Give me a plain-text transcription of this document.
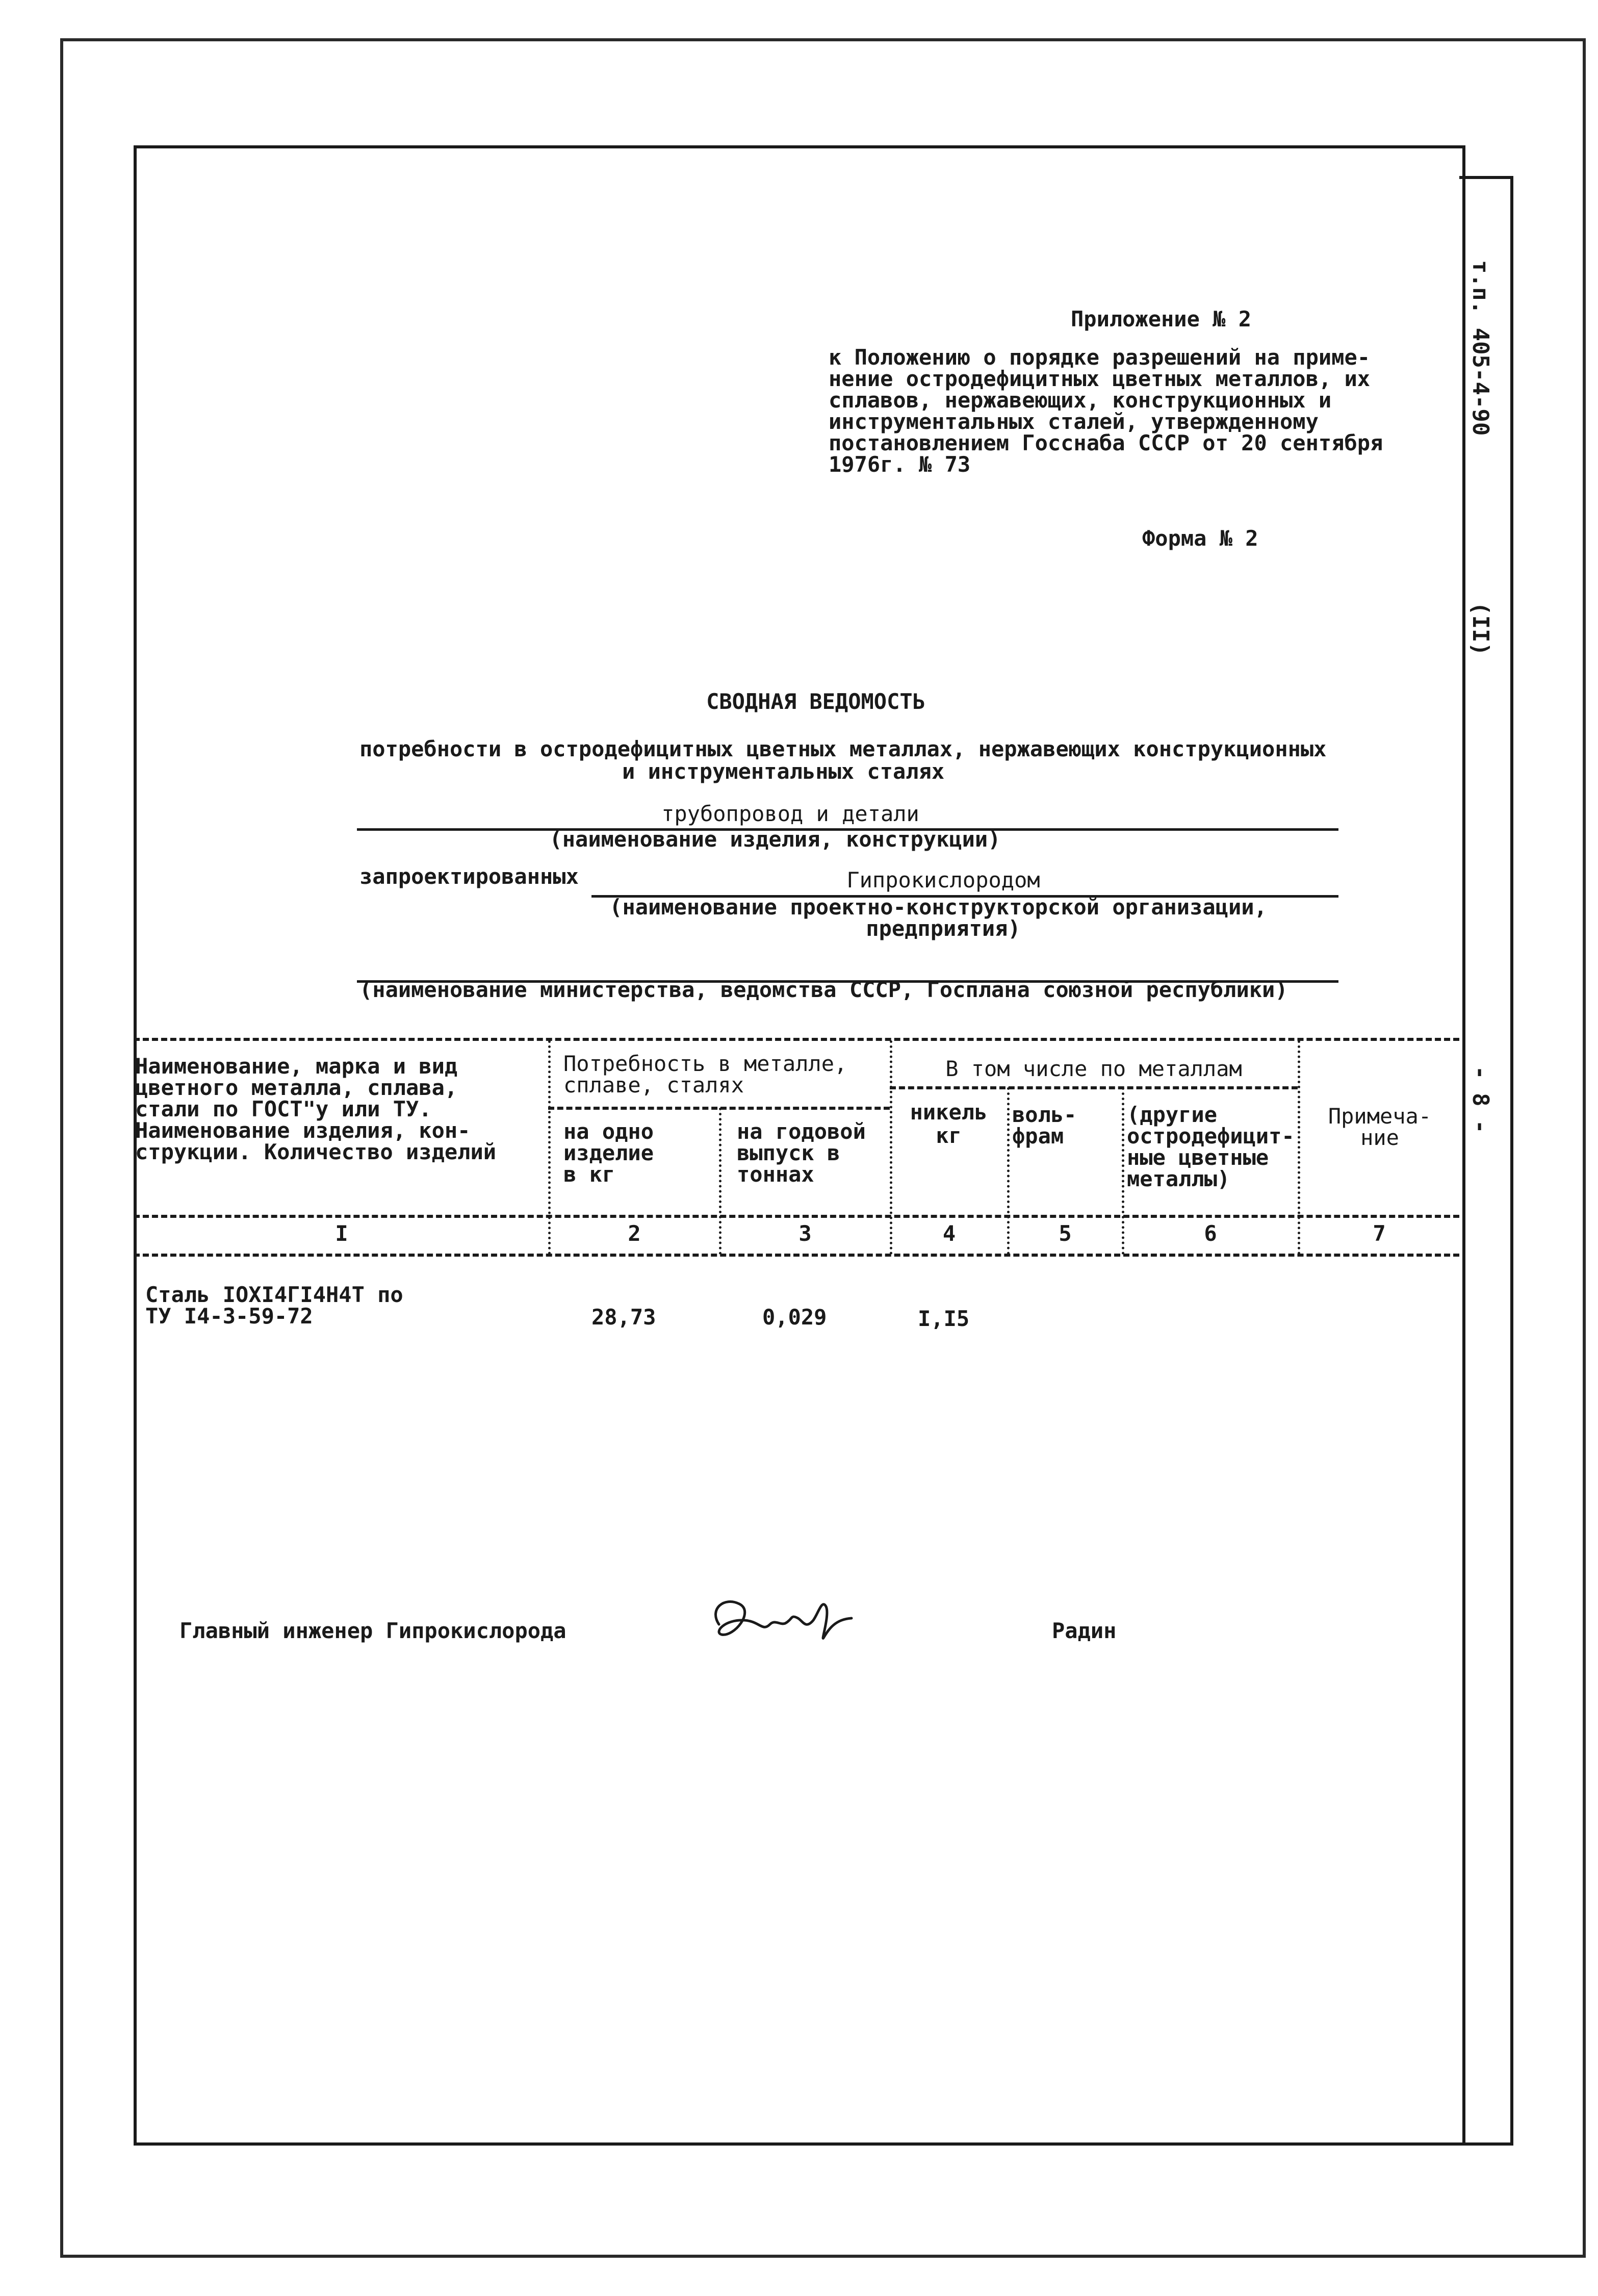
т.п. 405-4-90
(II)
- 8 -
Приложение № 2
к Положению о порядке разрешений на приме-
нение остродефицитных цветных металлов, их
сплавов, нержавеющих, конструкционных и
инструментальных сталей, утвержденному
постановлением Госснаба СССР от 20 сентября
1976г. № 73
Форма № 2
СВОДНАЯ ВЕДОМОСТЬ
потребности в остродефицитных цветных металлах, нержавеющих конструкционных
и инструментальных сталях
трубопровод и детали
(наименование изделия, конструкции)
запроектированных	Гипрокислородом
(наименование проектно-конструкторской организации,
предприятия)
(наименование министерства, ведомства СССР, Госплана союзной республики)
Наименование, марка и вид
цветного металла, сплава,
стали по ГОСТ"у или ТУ.
Наименование изделия, кон-
струкции. Количество изделий
Потребность в металле,
сплаве, сталях
на одно
изделие
в кг
на годовой
выпуск в
тоннах
В том числе по металлам
никель
кг
воль-
фрам
(другие
остродефицит-
ные цветные
металлы)
Примеча-
ние
I	2	3	4	5	6	7
Сталь IOXI4ГI4Н4Т по
ТУ I4-3-59-72	28,73	0,029	I,I5
Главный инженер Гипрокислорода	Радин
